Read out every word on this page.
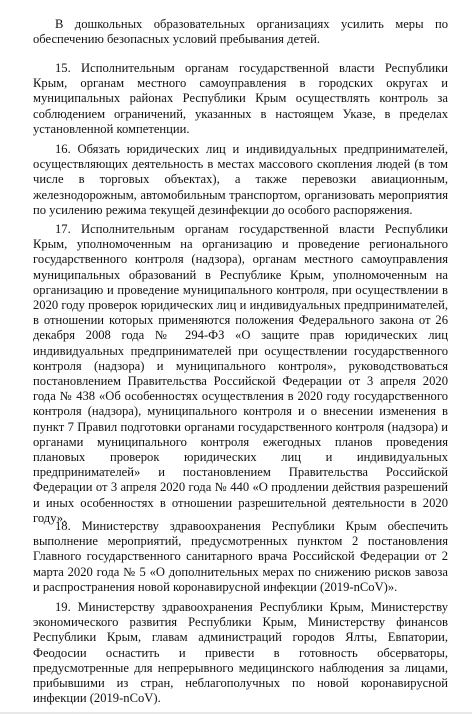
В дошкольных образовательных организациях усилить меры по обеспечению безопасных условий пребывания детей.

15. Исполнительным органам государственной власти Республики Крым, органам местного самоуправления в городских округах и муниципальных районах Республики Крым осуществлять контроль за соблюдением ограничений, указанных в настоящем Указе, в пределах установленной компетенции.

16. Обязать юридических лиц и индивидуальных предпринимателей, осуществляющих деятельность в местах массового скопления людей (в том числе в торговых объектах), а также перевозки авиационным, железнодорожным, автомобильным транспортом, организовать мероприятия по усилению режима текущей дезинфекции до особого распоряжения.

17. Исполнительным органам государственной власти Республики Крым, уполномоченным на организацию и проведение регионального государственного контроля (надзора), органам местного самоуправления муниципальных образований в Республике Крым, уполномоченным на организацию и проведение муниципального контроля, при осуществлении в 2020 году проверок юридических лиц и индивидуальных предпринимателей, в отношении которых применяются положения Федерального закона от 26 декабря 2008 года № 294-ФЗ «О защите прав юридических лиц индивидуальных предпринимателей при осуществлении государственного контроля (надзора) и муниципального контроля», руководствоваться постановлением Правительства Российской Федерации от 3 апреля 2020 года № 438 «Об особенностях осуществления в 2020 году государственного контроля (надзора), муниципального контроля и о внесении изменения в пункт 7 Правил подготовки органами государственного контроля (надзора) и органами муниципального контроля ежегодных планов проведения плановых проверок юридических лиц и индивидуальных предпринимателей» и постановлением Правительства Российской Федерации от 3 апреля 2020 года № 440 «О продлении действия разрешений и иных особенностях в отношении разрешительной деятельности в 2020 году».

18. Министерству здравоохранения Республики Крым обеспечить выполнение мероприятий, предусмотренных пунктом 2 постановления Главного государственного санитарного врача Российской Федерации от 2 марта 2020 года № 5 «О дополнительных мерах по снижению рисков завоза и распространения новой коронавирусной инфекции (2019-nCoV)».

19. Министерству здравоохранения Республики Крым, Министерству экономического развития Республики Крым, Министерству финансов Республики Крым, главам администраций городов Ялты, Евпатории, Феодосии оснастить и привести в готовность обсерваторы, предусмотренные для непрерывного медицинского наблюдения за лицами, прибывшими из стран, неблагополучных по новой коронавирусной инфекции (2019-nCoV).
